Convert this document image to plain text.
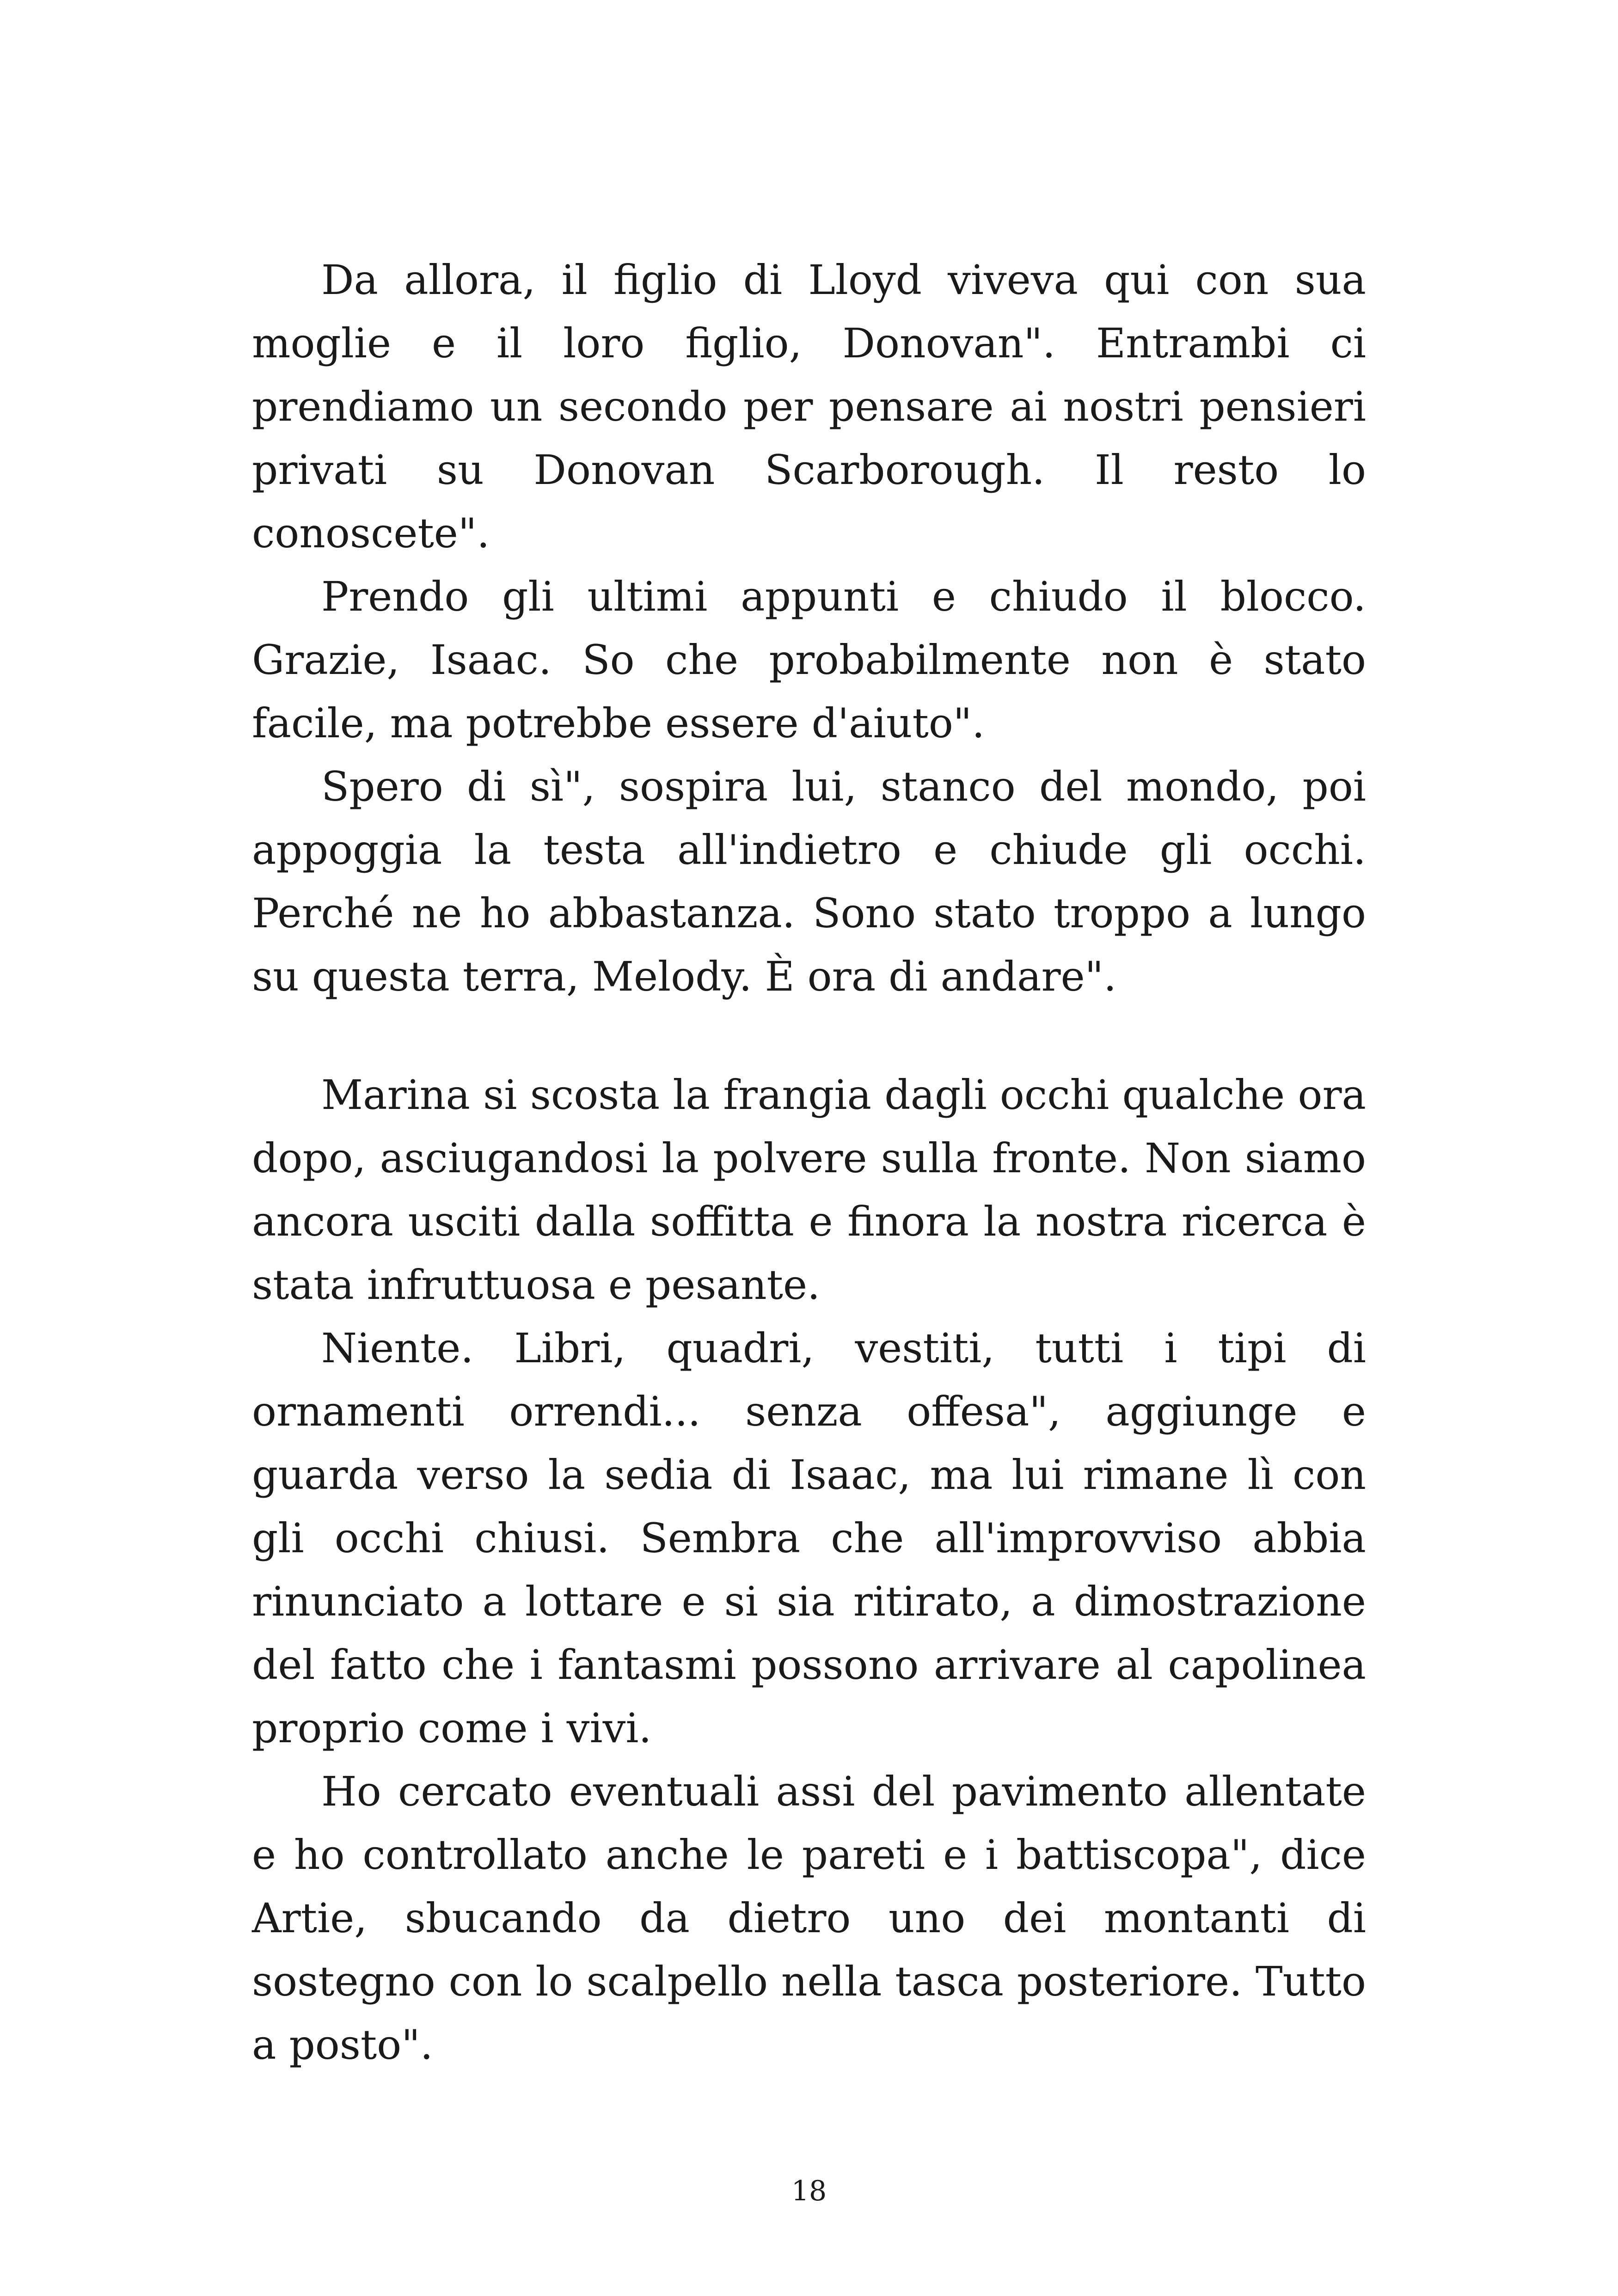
Da allora, il figlio di Lloyd viveva qui con sua moglie e il loro figlio, Donovan". Entrambi ci prendiamo un secondo per pensare ai nostri pensieri privati su Donovan Scarborough. Il resto lo conoscete".

Prendo gli ultimi appunti e chiudo il blocco. Grazie, Isaac. So che probabilmente non è stato facile, ma potrebbe essere d'aiuto".

Spero di sì", sospira lui, stanco del mondo, poi appoggia la testa all'indietro e chiude gli occhi. Perché ne ho abbastanza. Sono stato troppo a lungo su questa terra, Melody. È ora di andare".

Marina si scosta la frangia dagli occhi qualche ora dopo, asciugandosi la polvere sulla fronte. Non siamo ancora usciti dalla soffitta e finora la nostra ricerca è stata infruttuosa e pesante.

Niente. Libri, quadri, vestiti, tutti i tipi di ornamenti orrendi... senza offesa", aggiunge e guarda verso la sedia di Isaac, ma lui rimane lì con gli occhi chiusi. Sembra che all'improvviso abbia rinunciato a lottare e si sia ritirato, a dimostrazione del fatto che i fantasmi possono arrivare al capolinea proprio come i vivi.

Ho cercato eventuali assi del pavimento allentate e ho controllato anche le pareti e i battiscopa", dice Artie, sbucando da dietro uno dei montanti di sostegno con lo scalpello nella tasca posteriore. Tutto a posto".

18
